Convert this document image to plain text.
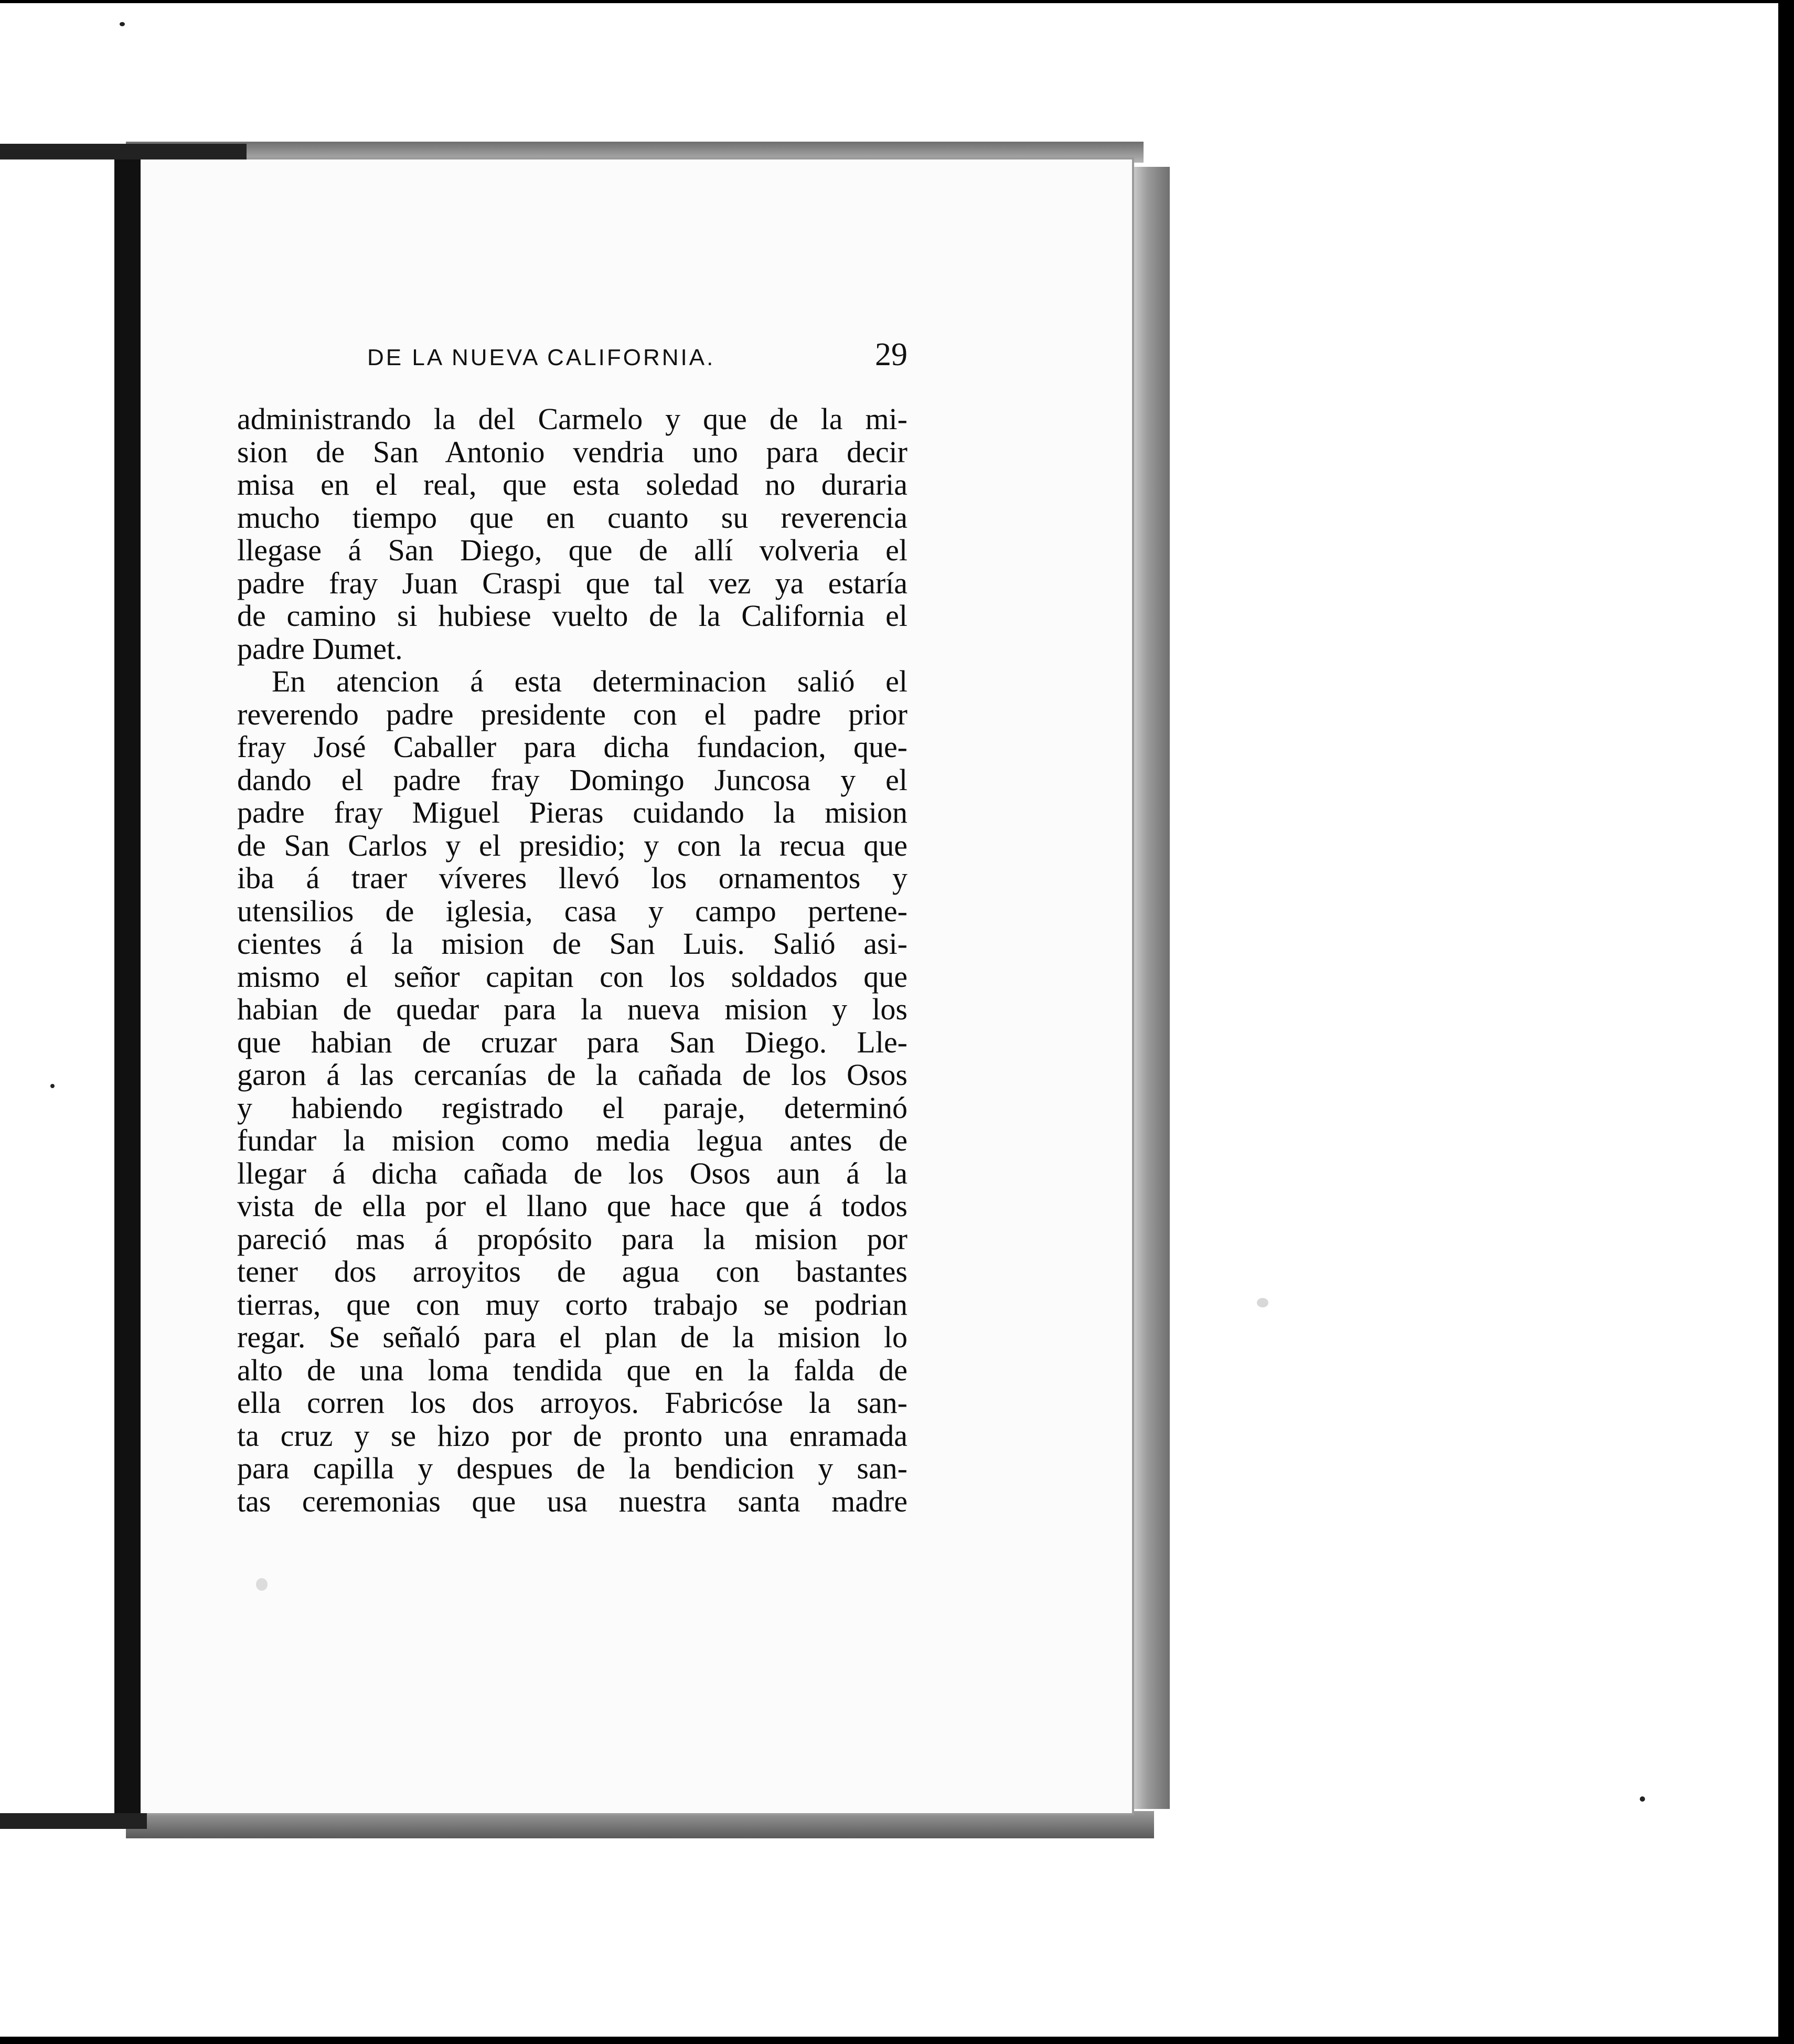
DE LA NUEVA CALIFORNIA.	29
administrando la del Carmelo y que de la mi-
sion de San Antonio vendria uno para decir
misa en el real, que esta soledad no duraria
mucho tiempo que en cuanto su reverencia
llegase á San Diego, que de allí volveria el
padre fray Juan Craspi que tal vez ya estaría
de camino si hubiese vuelto de la California el
padre Dumet.
En atencion á esta determinacion salió el
reverendo padre presidente con el padre prior
fray José Caballer para dicha fundacion, que-
dando el padre fray Domingo Juncosa y el
padre fray Miguel Pieras cuidando la mision
de San Carlos y el presidio; y con la recua que
iba á traer víveres llevó los ornamentos y
utensilios de iglesia, casa y campo pertene-
cientes á la mision de San Luis. Salió asi-
mismo el señor capitan con los soldados que
habian de quedar para la nueva mision y los
que habian de cruzar para San Diego. Lle-
garon á las cercanías de la cañada de los Osos
y habiendo registrado el paraje, determinó
fundar la mision como media legua antes de
llegar á dicha cañada de los Osos aun á la
vista de ella por el llano que hace que á todos
pareció mas á propósito para la mision por
tener dos arroyitos de agua con bastantes
tierras, que con muy corto trabajo se podrian
regar. Se señaló para el plan de la mision lo
alto de una loma tendida que en la falda de
ella corren los dos arroyos. Fabricóse la san-
ta cruz y se hizo por de pronto una enramada
para capilla y despues de la bendicion y san-
tas ceremonias que usa nuestra santa madre
